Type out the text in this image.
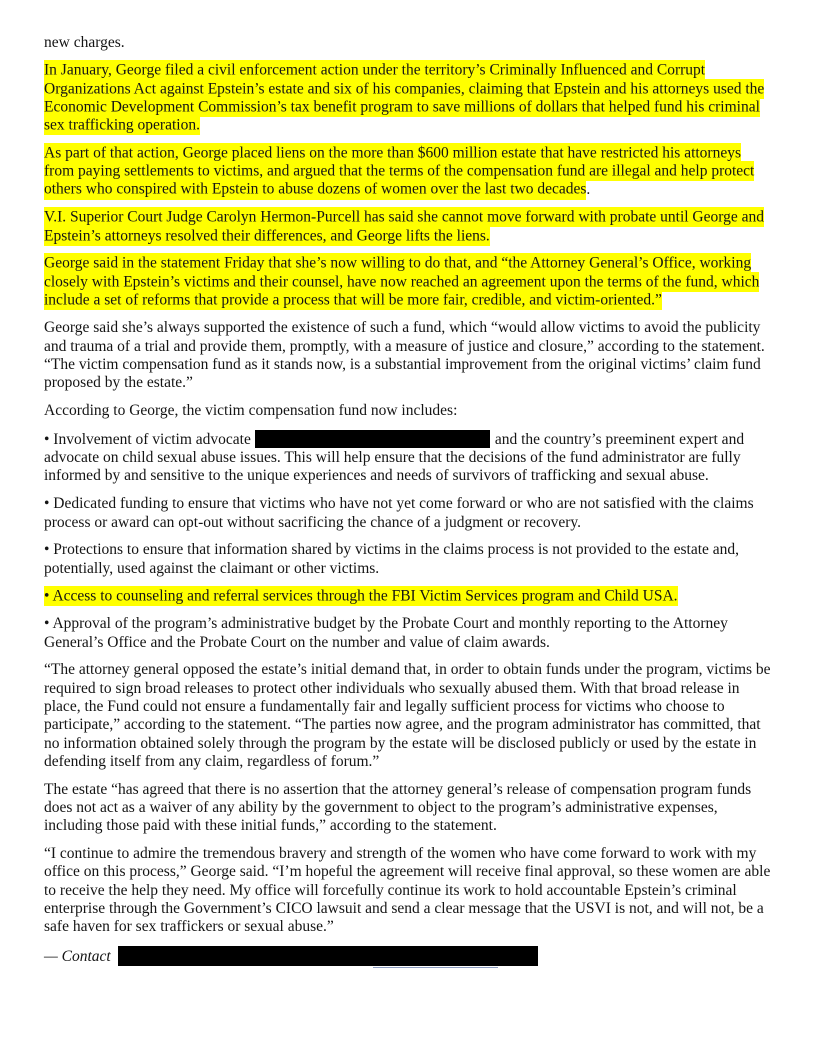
new charges.

In January, George filed a civil enforcement action under the territory’s Criminally Influenced and Corrupt Organizations Act against Epstein’s estate and six of his companies, claiming that Epstein and his attorneys used the Economic Development Commission’s tax benefit program to save millions of dollars that helped fund his criminal sex trafficking operation.

As part of that action, George placed liens on the more than $600 million estate that have restricted his attorneys from paying settlements to victims, and argued that the terms of the compensation fund are illegal and help protect others who conspired with Epstein to abuse dozens of women over the last two decades.

V.I. Superior Court Judge Carolyn Hermon-Purcell has said she cannot move forward with probate until George and Epstein’s attorneys resolved their differences, and George lifts the liens.

George said in the statement Friday that she’s now willing to do that, and “the Attorney General’s Office, working closely with Epstein’s victims and their counsel, have now reached an agreement upon the terms of the fund, which include a set of reforms that provide a process that will be more fair, credible, and victim-oriented.”

George said she’s always supported the existence of such a fund, which “would allow victims to avoid the publicity and trauma of a trial and provide them, promptly, with a measure of justice and closure,” according to the statement. “The victim compensation fund as it stands now, is a substantial improvement from the original victims’ claim fund proposed by the estate.”

According to George, the victim compensation fund now includes:

• Involvement of victim advocate	and the country’s preeminent expert and advocate on child sexual abuse issues. This will help ensure that the decisions of the fund administrator are fully informed by and sensitive to the unique experiences and needs of survivors of trafficking and sexual abuse.

• Dedicated funding to ensure that victims who have not yet come forward or who are not satisfied with the claims process or award can opt-out without sacrificing the chance of a judgment or recovery.

• Protections to ensure that information shared by victims in the claims process is not provided to the estate and, potentially, used against the claimant or other victims.

• Access to counseling and referral services through the FBI Victim Services program and Child USA.

• Approval of the program’s administrative budget by the Probate Court and monthly reporting to the Attorney General’s Office and the Probate Court on the number and value of claim awards.

“The attorney general opposed the estate’s initial demand that, in order to obtain funds under the program, victims be required to sign broad releases to protect other individuals who sexually abused them. With that broad release in place, the Fund could not ensure a fundamentally fair and legally sufficient process for victims who choose to participate,” according to the statement. “The parties now agree, and the program administrator has committed, that no information obtained solely through the program by the estate will be disclosed publicly or used by the estate in defending itself from any claim, regardless of forum.”

The estate “has agreed that there is no assertion that the attorney general’s release of compensation program funds does not act as a waiver of any ability by the government to object to the program’s administrative expenses, including those paid with these initial funds,” according to the statement.

“I continue to admire the tremendous bravery and strength of the women who have come forward to work with my office on this process,” George said. “I’m hopeful the agreement will receive final approval, so these women are able to receive the help they need. My office will forcefully continue its work to hold accountable Epstein’s criminal enterprise through the Government’s CICO lawsuit and send a clear message that the USVI is not, and will not, be a safe haven for sex traffickers or sexual abuse.”

— Contact
